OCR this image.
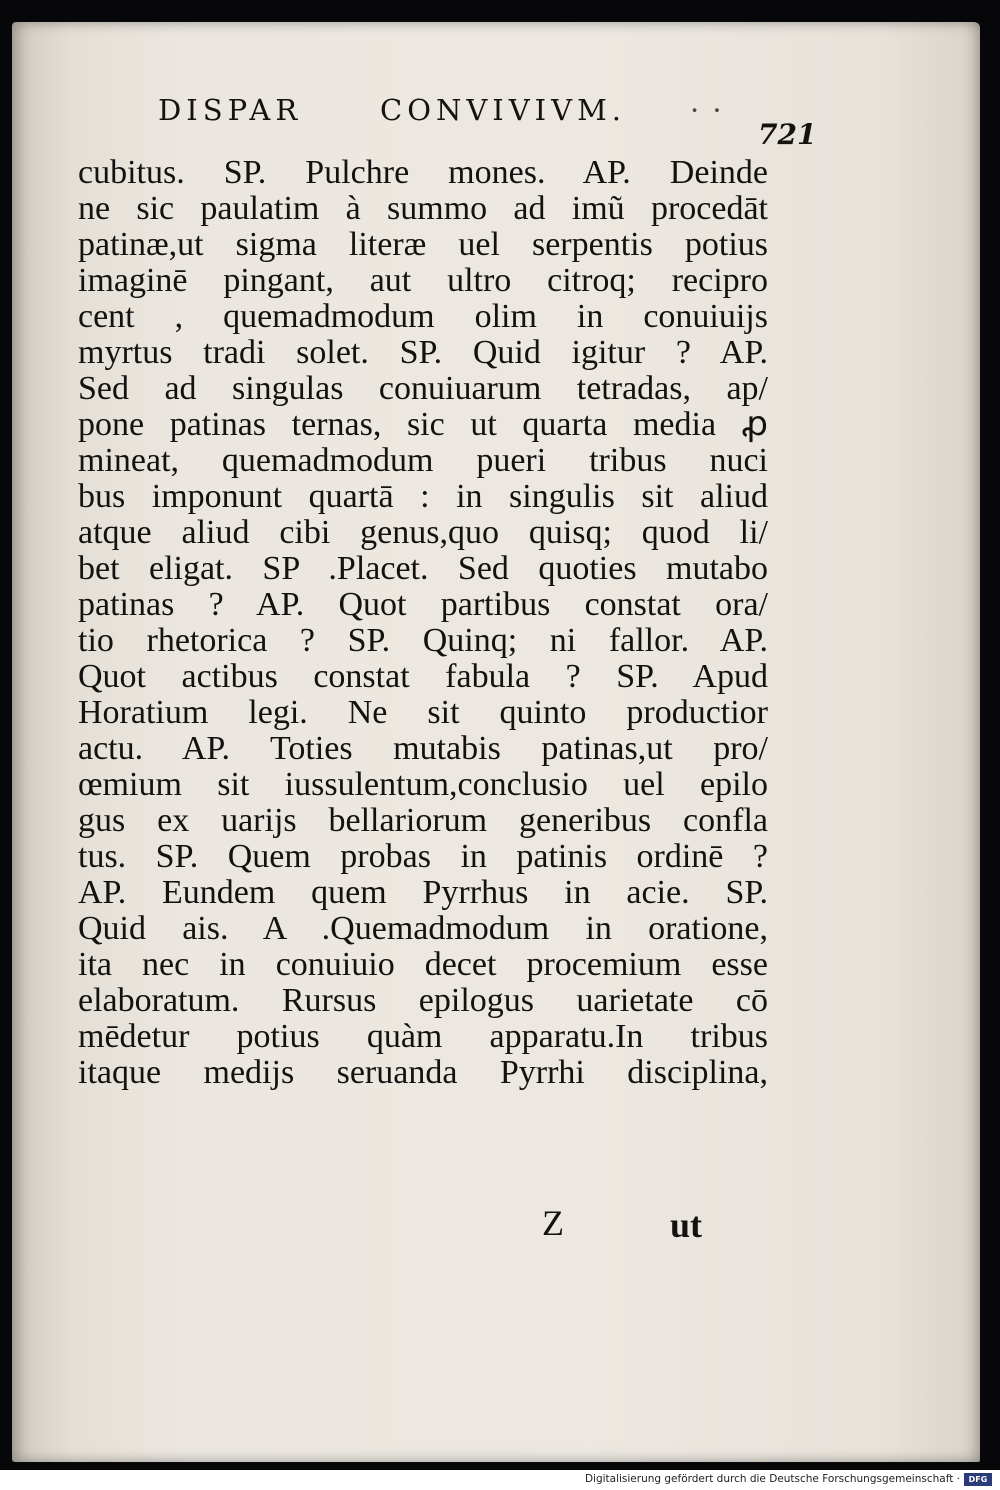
DISPAR	CONVIVIVM. · ·
721
cubitus. SP. Pulchre mones. AP. Deinde
ne sic paulatim à summo ad imũ procedāt
patinæ,ut sigma literæ uel serpentis potius
imaginē pingant, aut ultro citroq; recipro
cent , quemadmodum olim in conuiuijs
myrtus tradi solet. SP. Quid igitur ? AP.
Sed ad singulas conuiuarum tetradas, ap/
pone patinas ternas, sic ut quarta media ꝓ
mineat, quemadmodum pueri tribus nuci
bus imponunt quartā : in singulis sit aliud
atque aliud cibi genus,quo quisq; quod li/
bet eligat. SP .Placet. Sed quoties mutabo
patinas ? AP. Quot partibus constat ora/
tio rhetorica ? SP. Quinq; ni fallor. AP.
Quot actibus constat fabula ? SP. Apud
Horatium legi. Ne sit quinto productior
actu. AP. Toties mutabis patinas,ut pro/
œmium sit iussulentum,conclusio uel epilo
gus ex uarijs bellariorum generibus confla
tus. SP. Quem probas in patinis ordinē ?
AP. Eundem quem Pyrrhus in acie. SP.
Quid ais. A .Quemadmodum in oratione,
ita nec in conuiuio decet procemium esse
elaboratum. Rursus epilogus uarietate cō
mēdetur potius quàm apparatu.In tribus
itaque medijs seruanda Pyrrhi disciplina,
Z	ut
Digitalisierung gefördert durch die Deutsche Forschungsgemeinschaft ·	DFG
